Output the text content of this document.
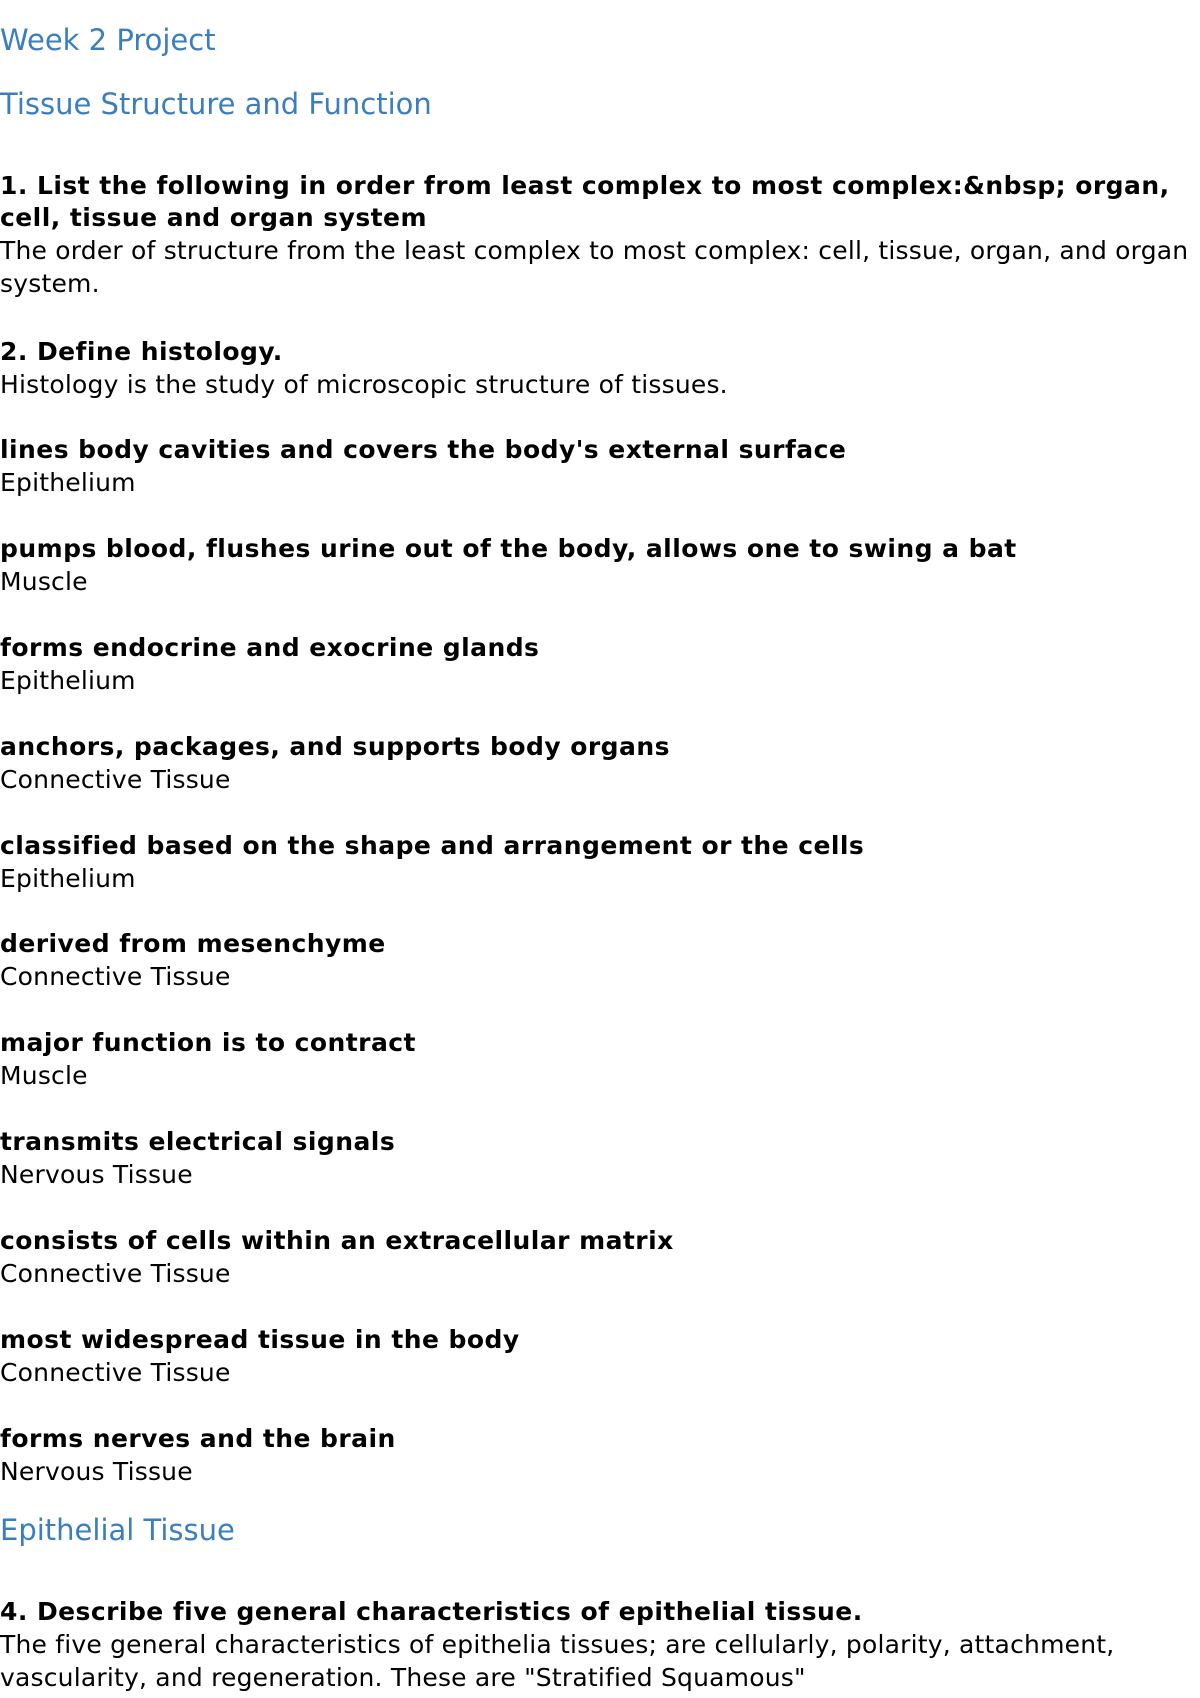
Week 2 Project
Tissue Structure and Function
1. List the following in order from least complex to most complex:&nbsp; organ, cell, tissue and organ system
The order of structure from the least complex to most complex: cell, tissue, organ, and organ system.
2. Define histology.
Histology is the study of microscopic structure of tissues.
lines body cavities and covers the body's external surface
Epithelium
pumps blood, flushes urine out of the body, allows one to swing a bat
Muscle
forms endocrine and exocrine glands
Epithelium
anchors, packages, and supports body organs
Connective Tissue
classified based on the shape and arrangement or the cells
Epithelium
derived from mesenchyme
Connective Tissue
major function is to contract
Muscle
transmits electrical signals
Nervous Tissue
consists of cells within an extracellular matrix
Connective Tissue
most widespread tissue in the body
Connective Tissue
forms nerves and the brain
Nervous Tissue
Epithelial Tissue
4. Describe five general characteristics of epithelial tissue.
The five general characteristics of epithelia tissues; are cellularly, polarity, attachment, vascularity, and regeneration. These are "Stratified Squamous"
